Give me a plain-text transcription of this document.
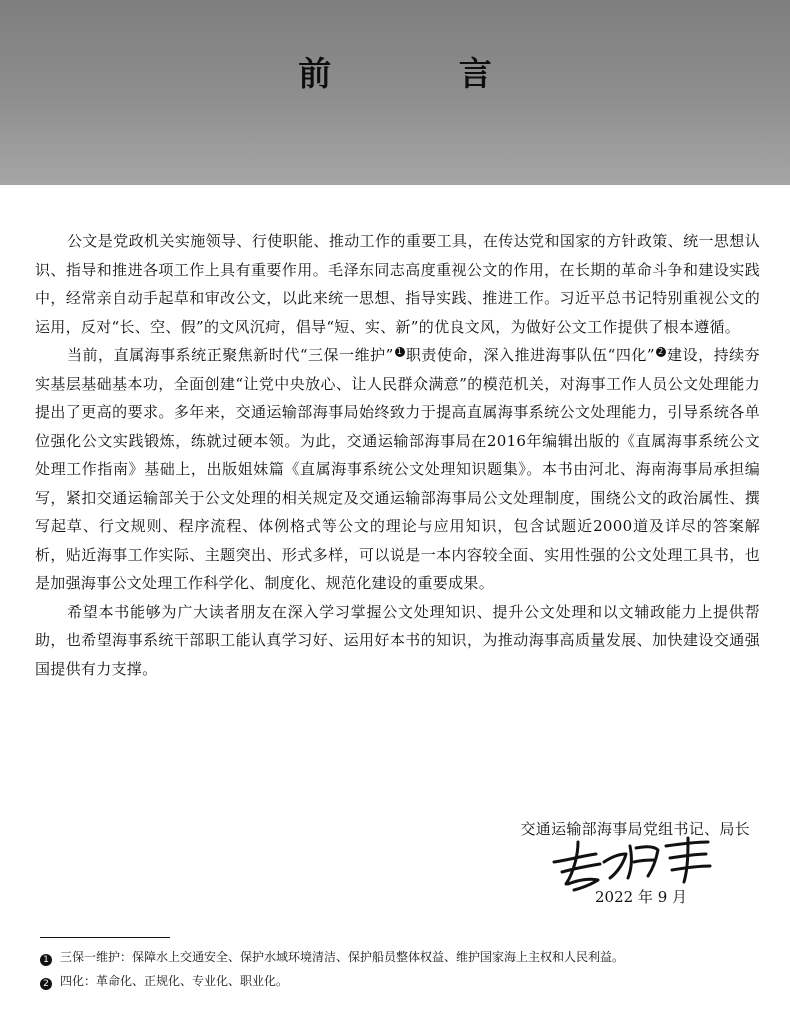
前 言

公文是党政机关实施领导、行使职能、推动工作的重要工具，在传达党和国家的方针政策、统一思想认识、指导和推进各项工作上具有重要作用。毛泽东同志高度重视公文的作用，在长期的革命斗争和建设实践中，经常亲自动手起草和审改公文，以此来统一思想、指导实践、推进工作。习近平总书记特别重视公文的运用，反对“长、空、假”的文风沉疴，倡导“短、实、新”的优良文风，为做好公文工作提供了根本遵循。

当前，直属海事系统正聚焦新时代“三保一维护” 1 职责使命，深入推进海事队伍“四化” 2 建设，持续夯实基层基础基本功，全面创建“让党中央放心、让人民群众满意”的模范机关，对海事工作人员公文处理能力提出了更高的要求。多年来，交通运输部海事局始终致力于提高直属海事系统公文处理能力，引导系统各单位强化公文实践锻炼，练就过硬本领。为此，交通运输部海事局在2016年编辑出版的《直属海事系统公文处理工作指南》基础上，出版姐妹篇《直属海事系统公文处理知识题集》。本书由河北、海南海事局承担编写，紧扣交通运输部关于公文处理的相关规定及交通运输部海事局公文处理制度，围绕公文的政治属性、撰写起草、行文规则、程序流程、体例格式等公文的理论与应用知识，包含试题近2000道及详尽的答案解析，贴近海事工作实际、主题突出、形式多样，可以说是一本内容较全面、实用性强的公文处理工具书，也是加强海事公文处理工作科学化、制度化、规范化建设的重要成果。

希望本书能够为广大读者朋友在深入学习掌握公文处理知识、提升公文处理和以文辅政能力上提供帮助，也希望海事系统干部职工能认真学习好、运用好本书的知识，为推动海事高质量发展、加快建设交通强国提供有力支撑。

交通运输部海事局党组书记、局长
2022 年 9 月
1 三保一维护：保障水上交通安全、保护水域环境清洁、保护船员整体权益、维护国家海上主权和人民利益。
2 四化：革命化、正规化、专业化、职业化。
